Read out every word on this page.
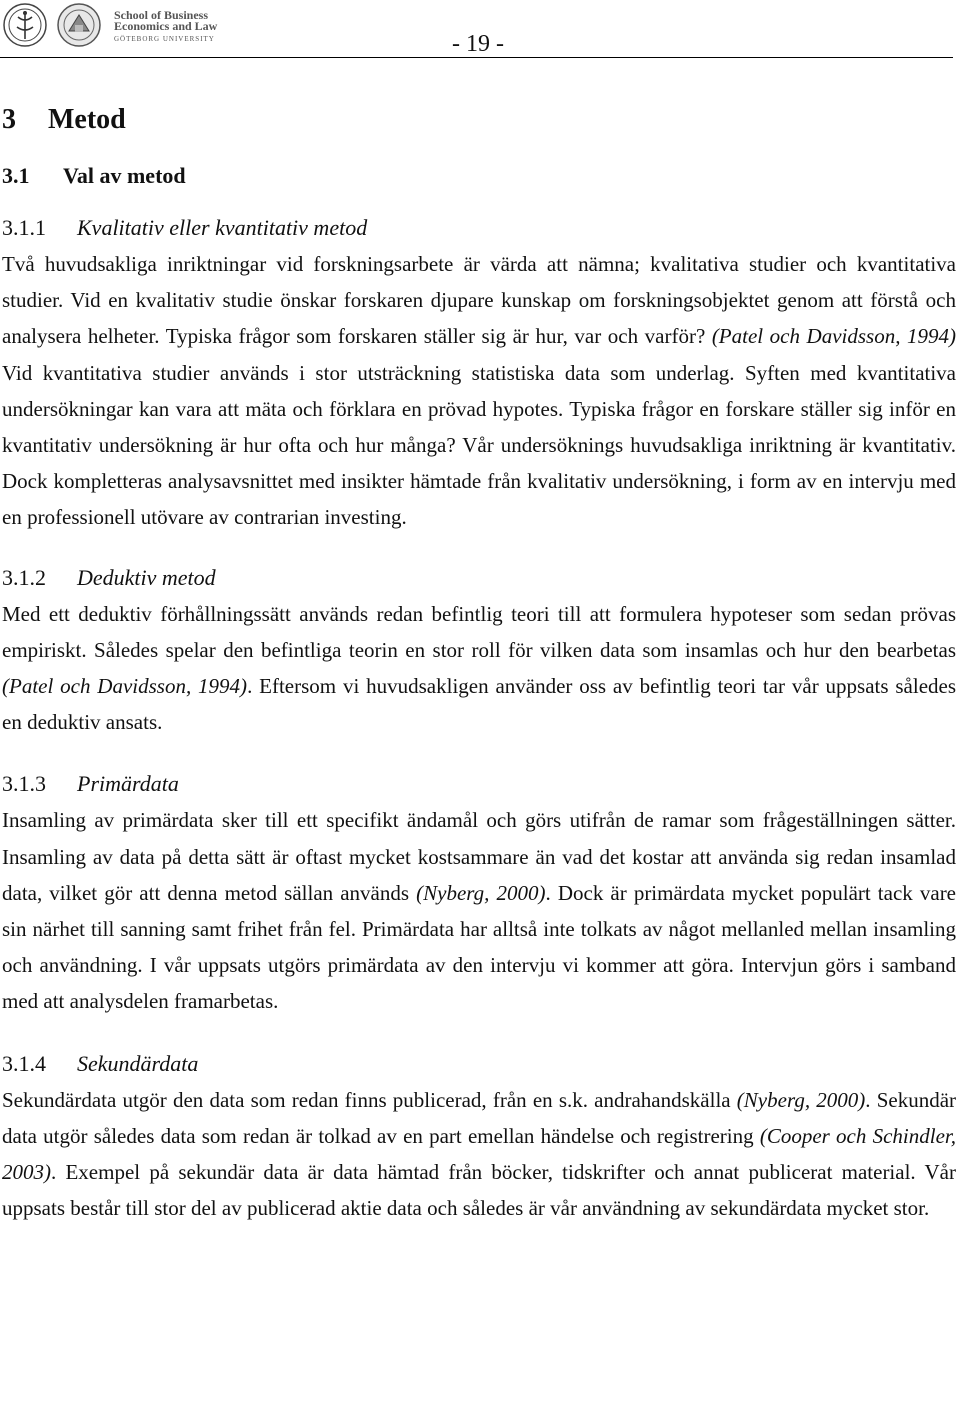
School of Business
Economics and Law
GÖTEBORG UNIVERSITY	- 19 -
3 Metod
3.1 Val av metod
3.1.1 Kvalitativ eller kvantitativ metod

Två huvudsakliga inriktningar vid forskningsarbete är värda att nämna; kvalitativa studier och kvantitativa studier. Vid en kvalitativ studie önskar forskaren djupare kunskap om forskningsobjektet genom att förstå och analysera helheter. Typiska frågor som forskaren ställer sig är hur, var och varför? (Patel och Davidsson, 1994) Vid kvantitativa studier används i stor utsträckning statistiska data som underlag. Syften med kvantitativa undersökningar kan vara att mäta och förklara en prövad hypotes. Typiska frågor en forskare ställer sig inför en kvantitativ undersökning är hur ofta och hur många? Vår undersöknings huvudsakliga inriktning är kvantitativ. Dock kompletteras analysavsnittet med insikter hämtade från kvalitativ undersökning, i form av en intervju med en professionell utövare av contrarian investing.

3.1.2 Deduktiv metod

Med ett deduktiv förhållningssätt används redan befintlig teori till att formulera hypoteser som sedan prövas empiriskt. Således spelar den befintliga teorin en stor roll för vilken data som insamlas och hur den bearbetas (Patel och Davidsson, 1994). Eftersom vi huvudsakligen använder oss av befintlig teori tar vår uppsats således en deduktiv ansats.

3.1.3 Primärdata

Insamling av primärdata sker till ett specifikt ändamål och görs utifrån de ramar som frågeställningen sätter. Insamling av data på detta sätt är oftast mycket kostsammare än vad det kostar att använda sig redan insamlad data, vilket gör att denna metod sällan används (Nyberg, 2000). Dock är primärdata mycket populärt tack vare sin närhet till sanning samt frihet från fel. Primärdata har alltså inte tolkats av något mellanled mellan insamling och användning. I vår uppsats utgörs primärdata av den intervju vi kommer att göra. Intervjun görs i samband med att analysdelen framarbetas.

3.1.4 Sekundärdata

Sekundärdata utgör den data som redan finns publicerad, från en s.k. andrahandskälla (Nyberg, 2000). Sekundär data utgör således data som redan är tolkad av en part emellan händelse och registrering (Cooper och Schindler, 2003). Exempel på sekundär data är data hämtad från böcker, tidskrifter och annat publicerat material. Vår uppsats består till stor del av publicerad aktie data och således är vår användning av sekundärdata mycket stor.
